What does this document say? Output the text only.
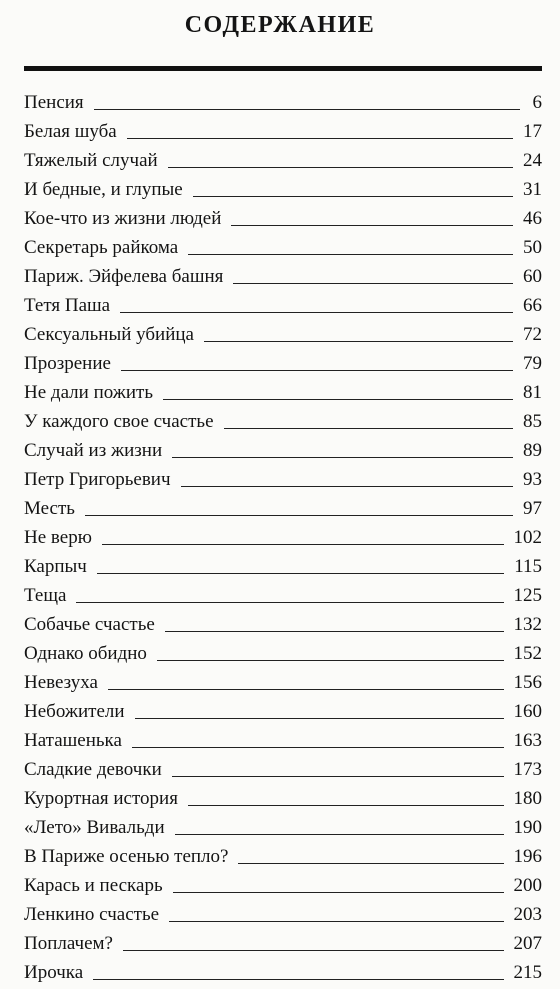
СОДЕРЖАНИЕ
Пенсия	6
Белая шуба	17
Тяжелый случай	24
И бедные, и глупые	31
Кое-что из жизни людей	46
Секретарь райкома	50
Париж. Эйфелева башня	60
Тетя Паша	66
Сексуальный убийца	72
Прозрение	79
Не дали пожить	81
У каждого свое счастье	85
Случай из жизни	89
Петр Григорьевич	93
Месть	97
Не верю	102
Карпыч	115
Теща	125
Собачье счастье	132
Однако обидно	152
Невезуха	156
Небожители	160
Наташенька	163
Сладкие девочки	173
Курортная история	180
«Лето» Вивальди	190
В Париже осенью тепло?	196
Карась и пескарь	200
Ленкино счастье	203
Поплачем?	207
Ирочка	215
